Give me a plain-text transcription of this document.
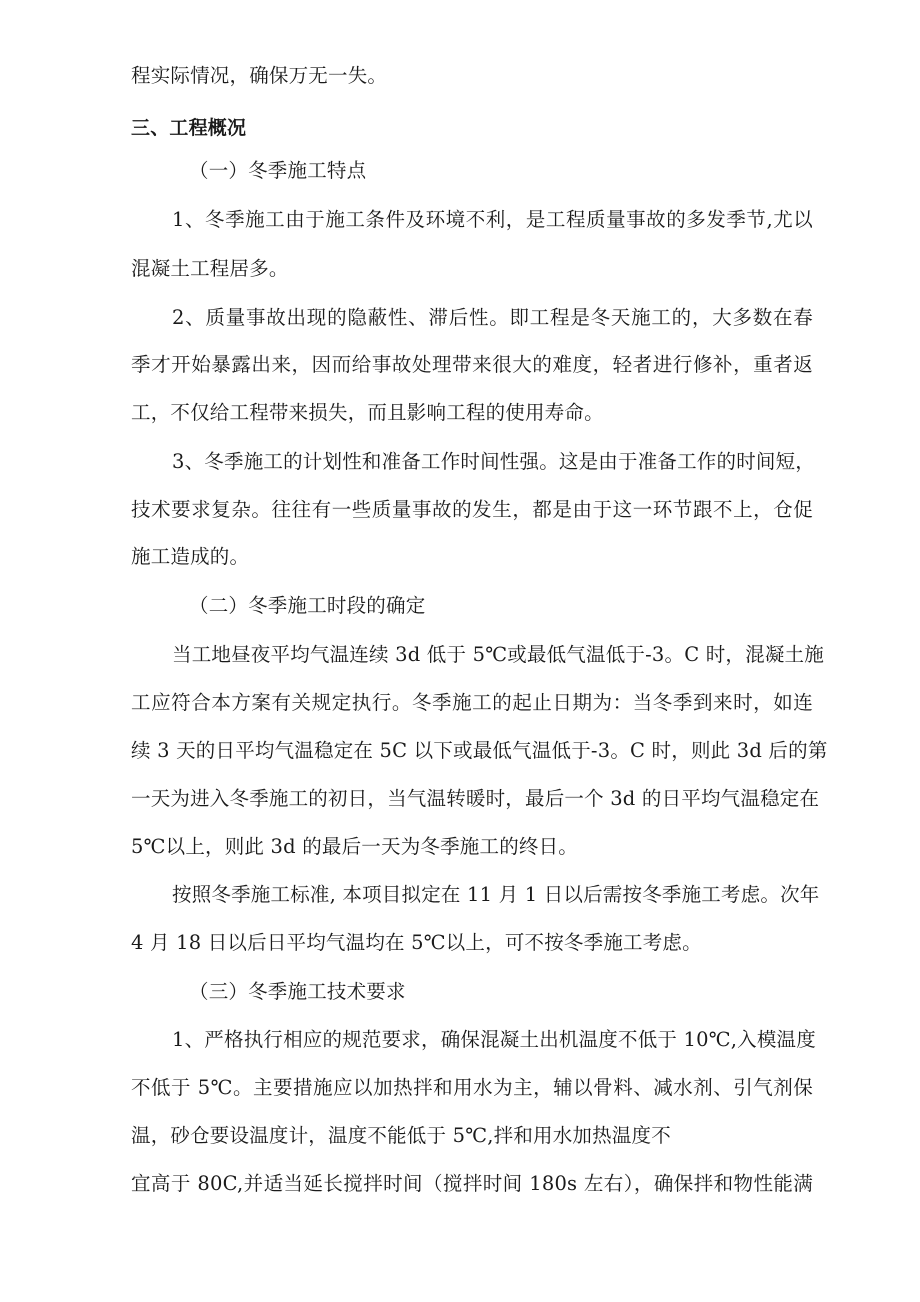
程实际情况，确保万无一失。
三、工程概况
（一）冬季施工特点
1、冬季施工由于施工条件及环境不利，是工程质量事故的多发季节,尤以
混凝土工程居多。
2、质量事故出现的隐蔽性、滞后性。即工程是冬天施工的，大多数在春
季才开始暴露出来，因而给事故处理带来很大的难度，轻者进行修补，重者返
工，不仅给工程带来损失，而且影响工程的使用寿命。
3、冬季施工的计划性和准备工作时间性强。这是由于准备工作的时间短，
技术要求复杂。往往有一些质量事故的发生，都是由于这一环节跟不上，仓促
施工造成的。
（二）冬季施工时段的确定
当工地昼夜平均气温连续 3d 低于 5℃或最低气温低于-3。C 时，混凝土施
工应符合本方案有关规定执行。冬季施工的起止日期为：当冬季到来时，如连
续 3 天的日平均气温稳定在 5C 以下或最低气温低于-3。C 时，则此 3d 后的第
一天为进入冬季施工的初日，当气温转暖时，最后一个 3d 的日平均气温稳定在
5℃以上，则此 3d 的最后一天为冬季施工的终日。
按照冬季施工标准, 本项目拟定在 11 月 1 日以后需按冬季施工考虑。次年
4 月 18 日以后日平均气温均在 5℃以上，可不按冬季施工考虑。
（三）冬季施工技术要求
1、严格执行相应的规范要求，确保混凝土出机温度不低于 10℃,入模温度
不低于 5℃。主要措施应以加热拌和用水为主，辅以骨料、减水剂、引气剂保
温，砂仓要设温度计，温度不能低于 5℃,拌和用水加热温度不
宜高于 80C,并适当延长搅拌时间（搅拌时间 180s 左右），确保拌和物性能满
